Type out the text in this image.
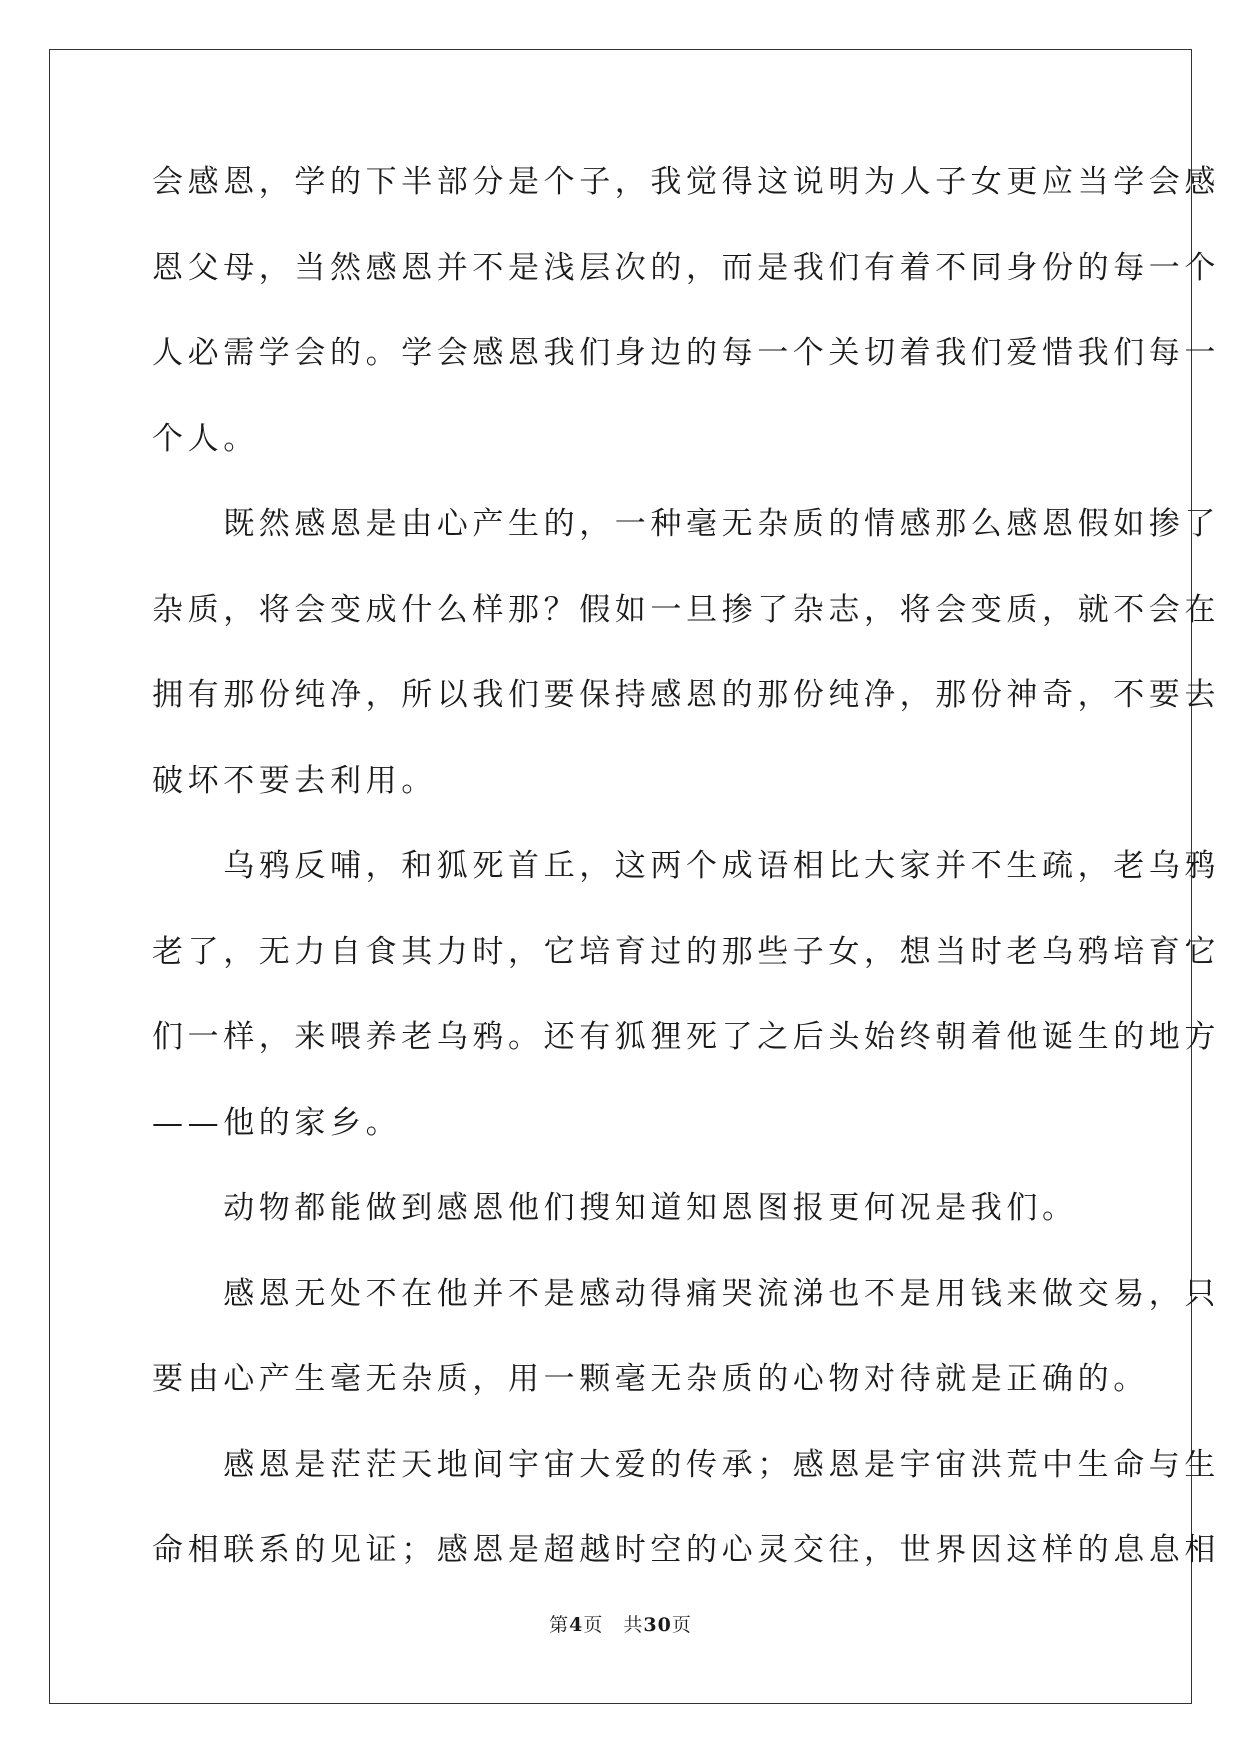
会感恩，学的下半部分是个子，我觉得这说明为人子女更应当学会感
恩父母，当然感恩并不是浅层次的，而是我们有着不同身份的每一个
人必需学会的。学会感恩我们身边的每一个关切着我们爱惜我们每一
个人。
　　既然感恩是由心产生的，一种毫无杂质的情感那么感恩假如掺了
杂质，将会变成什么样那？假如一旦掺了杂志，将会变质，就不会在
拥有那份纯净，所以我们要保持感恩的那份纯净，那份神奇，不要去
破坏不要去利用。
　　乌鸦反哺，和狐死首丘，这两个成语相比大家并不生疏，老乌鸦
老了，无力自食其力时，它培育过的那些子女，想当时老乌鸦培育它
们一样，来喂养老乌鸦。还有狐狸死了之后头始终朝着他诞生的地方
——他的家乡。
　　动物都能做到感恩他们搜知道知恩图报更何况是我们。
　　感恩无处不在他并不是感动得痛哭流涕也不是用钱来做交易，只
要由心产生毫无杂质，用一颗毫无杂质的心物对待就是正确的。
　　感恩是茫茫天地间宇宙大爱的传承；感恩是宇宙洪荒中生命与生
命相联系的见证；感恩是超越时空的心灵交往，世界因这样的息息相
第4页 共30页
